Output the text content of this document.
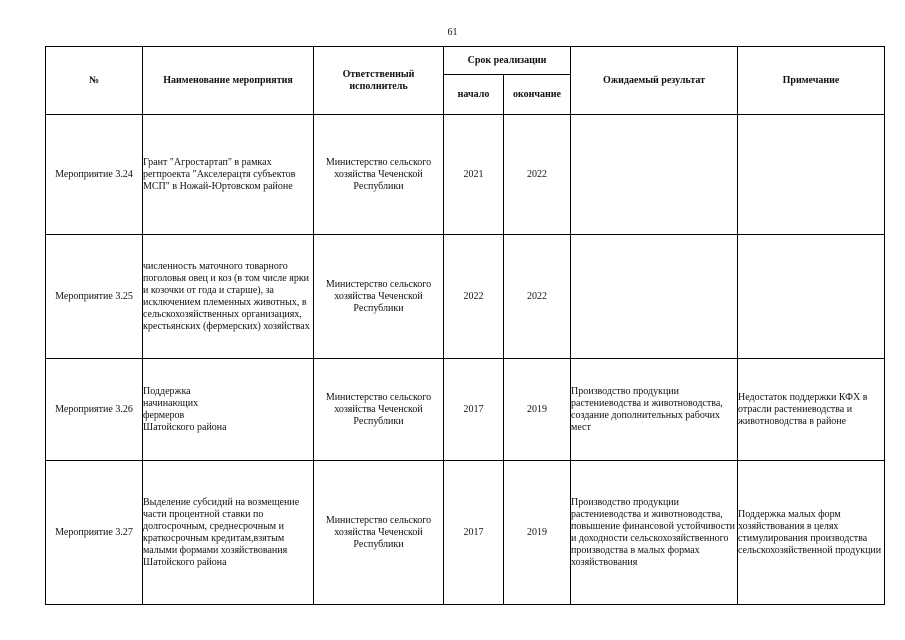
61
№	Наименование мероприятия	Ответственный исполнитель	Срок реализации		Ожидаемый результат	Примечание
			начало	окончание		
Мероприятие 3.24	Грант "Агростартап" в рамках регпроекта "Акселерацтя субъектов МСП" в Ножай-Юртовском районе	Министерство сельского хозяйства Чеченской Республики	2021	2022		
Мероприятие 3.25	численность маточного товарного поголовья овец и коз (в том числе ярки и козочки от года и старше), за исключением племенных животных, в сельскохозяйственных организациях, крестьянских (фермерских) хозяйствах	Министерство сельского хозяйства Чеченской Республики	2022	2022		
Мероприятие 3.26	Поддержка
начинающих
фермеров
Шатойского района	Министерство сельского хозяйства Чеченской Республики	2017	2019	Производство продукции растениеводства и животноводства, создание дополнительных рабочих мест	Недостаток поддержки КФХ в отрасли растениеводства и животноводства в районе
Мероприятие 3.27	Выделение субсидий на возмещение части процентной ставки по долгосрочным, среднесрочным и краткосрочным кредитам,взятым малыми формами хозяйствования Шатойского района	Министерство сельского хозяйства Чеченской Республики	2017	2019	Производство продукции растениеводства и животноводства, повышение финансовой устойчивости и доходности сельскохозяйственного производства в малых формах хозяйствования	Поддержка малых форм хозяйствования в целях стимулирования производства сельскохозяйственной продукции
